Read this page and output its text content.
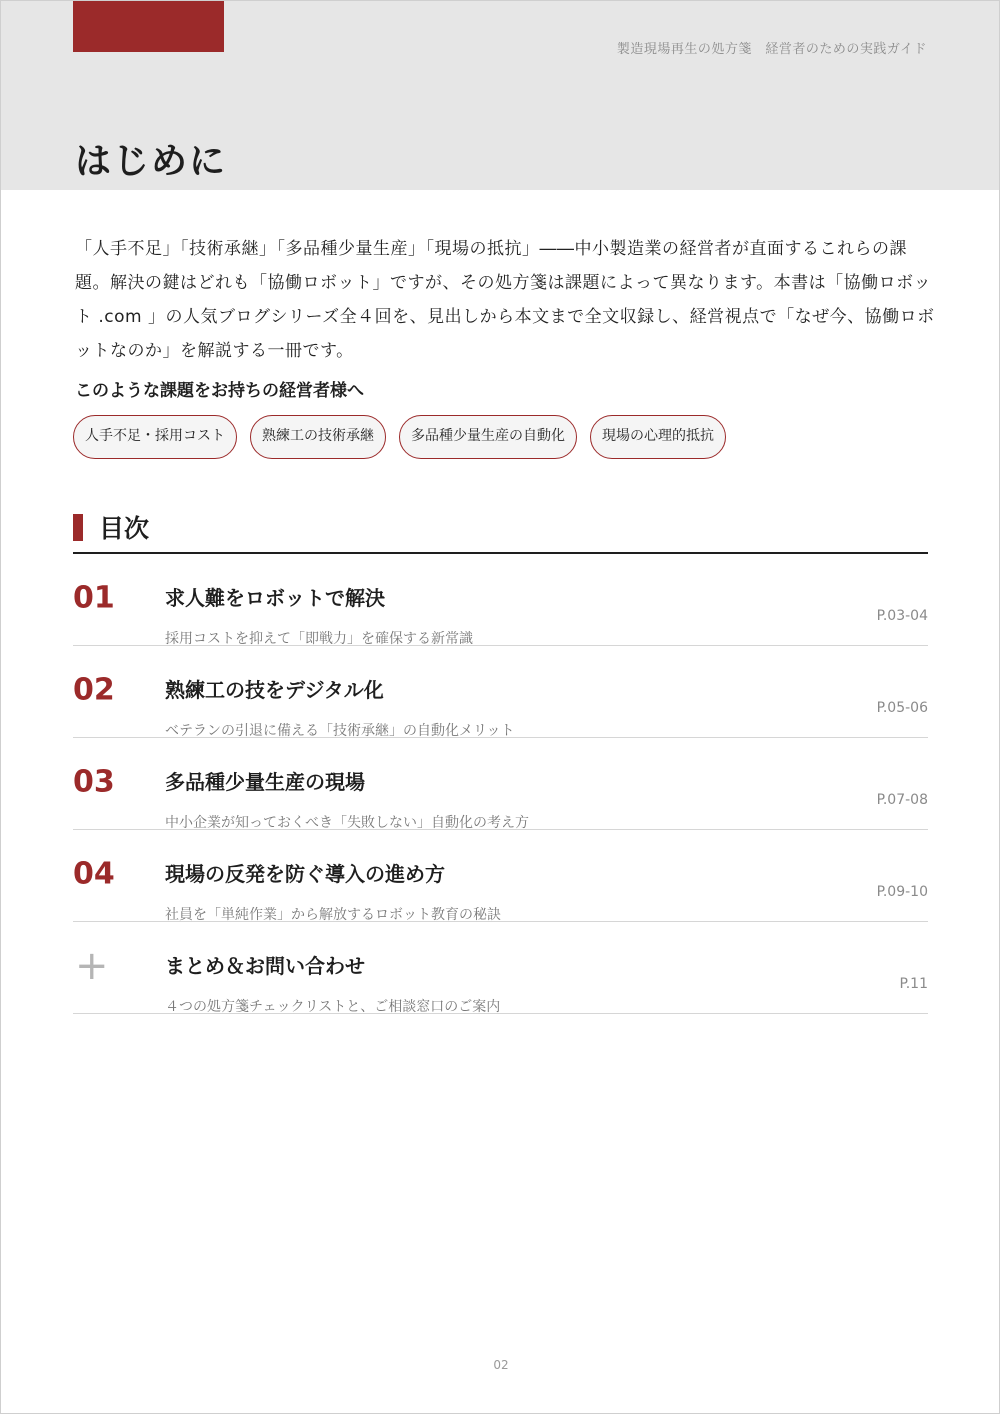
製造現場再生の処方箋　経営者のための実践ガイド
はじめに

「人手不足」「技術承継」「多品種少量生産」「現場の抵抗」――中小製造業の経営者が直面するこれらの課題。解決の鍵はどれも「協働ロボット」ですが、その処方箋は課題によって異なります。本書は「協働ロボット .com 」の人気ブログシリーズ全４回を、見出しから本文まで全文収録し、経営視点で「なぜ今、協働ロボットなのか」を解説する一冊です。

このような課題をお持ちの経営者様へ
人手不足・採用コスト	熟練工の技術承継	多品種少量生産の自動化	現場の心理的抵抗
目次
01	求人難をロボットで解決
採用コストを抑えて「即戦力」を確保する新常識
P.03-04
02	熟練工の技をデジタル化
ベテランの引退に備える「技術承継」の自動化メリット
P.05-06
03	多品種少量生産の現場
中小企業が知っておくべき「失敗しない」自動化の考え方
P.07-08
04	現場の反発を防ぐ導入の進め方
社員を「単純作業」から解放するロボット教育の秘訣
P.09-10
+	まとめ＆お問い合わせ
４つの処方箋チェックリストと、ご相談窓口のご案内
P.11
02
